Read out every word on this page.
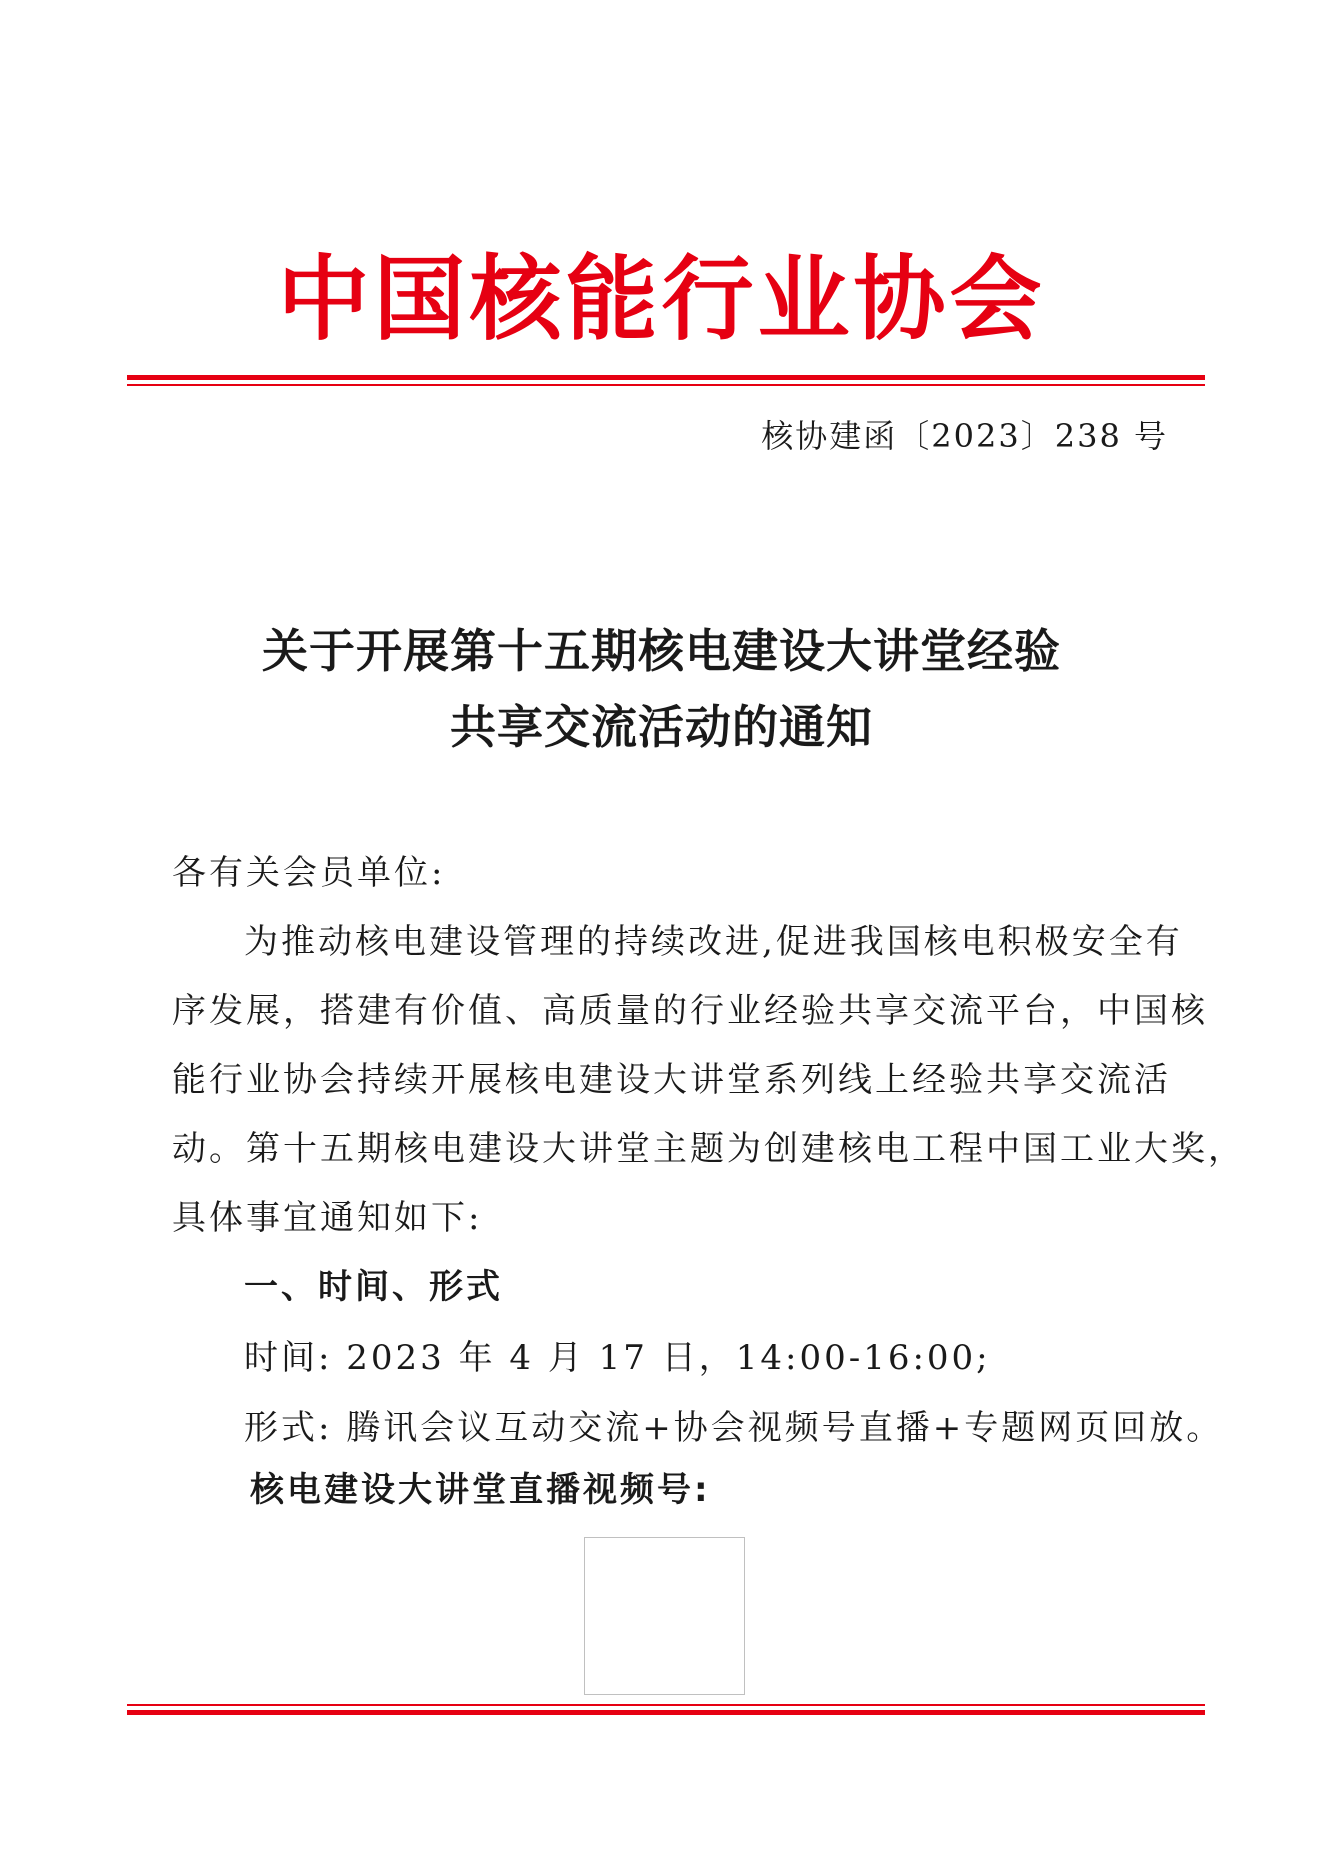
中国核能行业协会
核协建函〔2023〕238 号
关于开展第十五期核电建设大讲堂经验
共享交流活动的通知
各有关会员单位:
为推动核电建设管理的持续改进,促进我国核电积极安全有
序发展，搭建有价值、高质量的行业经验共享交流平台，中国核
能行业协会持续开展核电建设大讲堂系列线上经验共享交流活
动。第十五期核电建设大讲堂主题为创建核电工程中国工业大奖，
具体事宜通知如下:
一、时间、形式
时间: 2023 年 4 月 17 日，14:00-16:00;
形式: 腾讯会议互动交流+协会视频号直播+专题网页回放。
核电建设大讲堂直播视频号:
